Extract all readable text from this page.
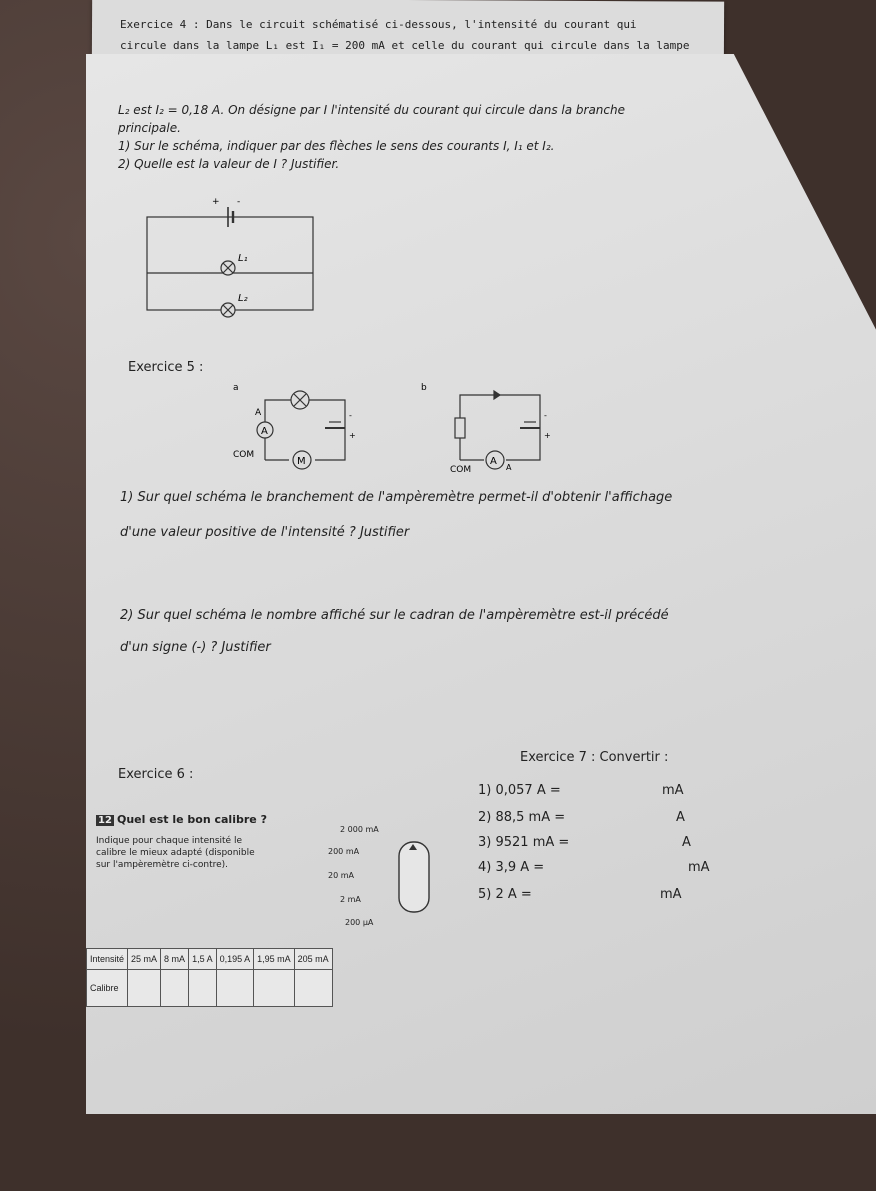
Exercice 4 : Dans le circuit schématisé ci-dessous, l'intensité du courant qui
circule dans la lampe L₁ est I₁ = 200 mA et celle du courant qui circule dans la lampe
L₂ est I₂ = 0,18 A. On désigne par I l'intensité du courant qui circule dans la branche
principale.
1) Sur le schéma, indiquer par des flèches le sens des courants I, I₁ et I₂.
2) Quelle est la valeur de I ? Justifier.
+ -
L₁
L₂
Exercice 5 :
a
A
A
COM
M
-
+
b
COM
A
A
-
+
1) Sur quel schéma le branchement de l'ampèremètre permet-il d'obtenir l'affichage
d'une valeur positive de l'intensité ? Justifier
2) Sur quel schéma le nombre affiché sur le cadran de l'ampèremètre est-il précédé
d'un signe (-) ? Justifier
Exercice 6 :
12 Quel est le bon calibre ?
Indique pour chaque intensité le
calibre le mieux adapté (disponible
sur l'ampèremètre ci-contre).
2 000 mA
200 mA
20 mA
2 mA
200 µA
Intensité	25 mA	8 mA	1,5 A	0,195 A	1,95 mA	205 mA
Calibre						
Exercice 7 : Convertir :
1) 0,057 A =	mA
2) 88,5 mA =	A
3) 9521 mA =	A
4) 3,9 A =	mA
5) 2 A =	mA
